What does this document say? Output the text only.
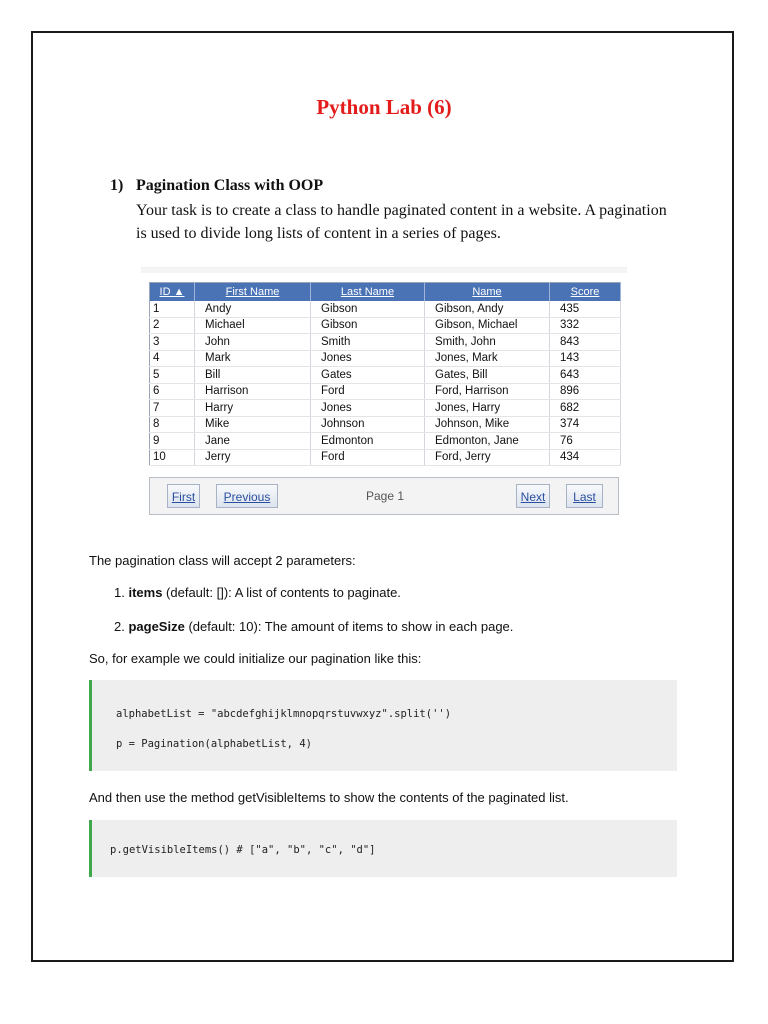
Python Lab (6)
1) Pagination Class with OOP
Your task is to create a class to handle paginated content in a website. A pagination is used to divide long lists of content in a series of pages.
ID ▲	First Name	Last Name	Name	Score
1	Andy	Gibson	Gibson, Andy	435
2	Michael	Gibson	Gibson, Michael	332
3	John	Smith	Smith, John	843
4	Mark	Jones	Jones, Mark	143
5	Bill	Gates	Gates, Bill	643
6	Harrison	Ford	Ford, Harrison	896
7	Harry	Jones	Jones, Harry	682
8	Mike	Johnson	Johnson, Mike	374
9	Jane	Edmonton	Edmonton, Jane	76
10	Jerry	Ford	Ford, Jerry	434
Page 1
First	Previous	Next	Last
The pagination class will accept 2 parameters:
1. items (default: []): A list of contents to paginate.
2. pageSize (default: 10): The amount of items to show in each page.
So, for example we could initialize our pagination like this:
alphabetList = "abcdefghijklmnopqrstuvwxyz".split('')
p = Pagination(alphabetList, 4)
And then use the method getVisibleItems to show the contents of the paginated list.
p.getVisibleItems() # ["a", "b", "c", "d"]
